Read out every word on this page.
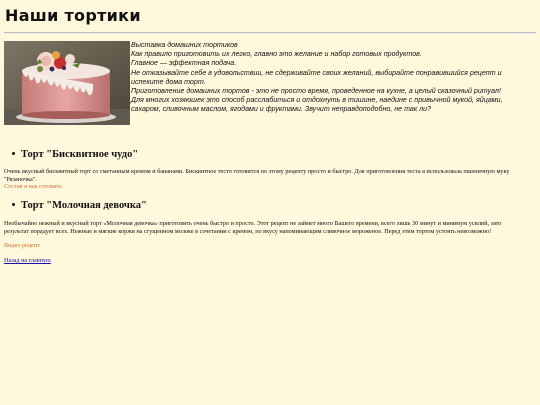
Наши тортики
Выставка домашних тортиков
Как правило приготовить их легко, главно это желание и набор готовых продуктов.
Главное — эффектная подача.
Не отказывайте себе в удовольствии, не сдерживайте своих желаний, выбирайте понравившийся рецепт и
испеките дома торт.
Приготовление домашних тортов - это не просто время, проведенное на кухне, а целый сказочный ритуал!
Для многих хозяюшек это способ расслабиться и отдохнуть в тишине, наедине с привычной мукой, яйцами,
сахаром, сливочным маслом, ягодами и фруктами. Звучит неправдоподобно, не так ли?
Торт "Бисквитное чудо"
Очень вкусный бисквитный торт со сметанным кремом и бананами. Бисквитное тесто готовится по этому рецепту просто и быстро. Для приготовления теста я использовала пшеничную муку "Рязаночка".
Состав и как готовить
Торт "Молочная девочка"
Необычайно нежный и вкусный торт «Молочная девочка» приготовить очень быстро и просто. Этот рецепт не займет много Вашего времени, всего лишь 30 минут и минимум усилий, зато результат порадует всех. Нежные и мягкие коржи на сгущенном молоке в сочетании с кремом, по вкусу напоминающим сливочное мороженое. Перед этим тортом устоять невозможно!
Видео рецепт
Назад на главную
